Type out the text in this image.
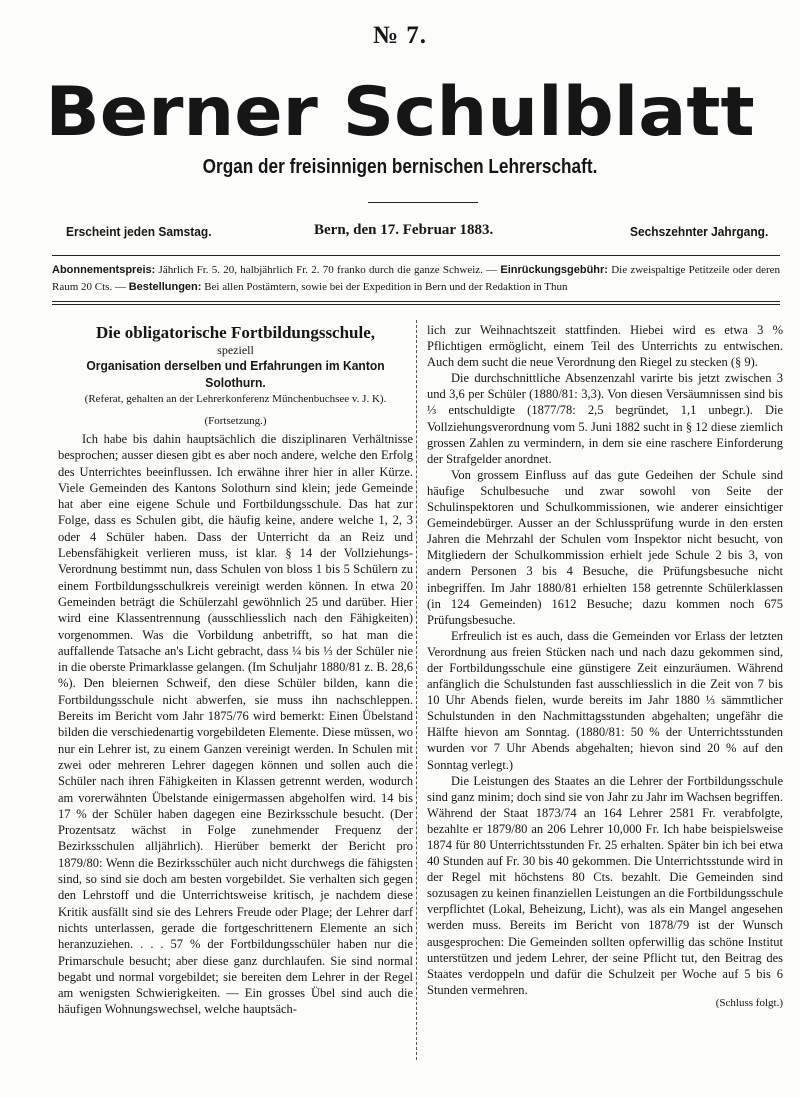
№ 7.
Berner Schulblatt
Organ der freisinnigen bernischen Lehrerschaft.
Erscheint jeden Samstag.	Bern, den 17. Februar 1883.	Sechszehnter Jahrgang.
Abonnementspreis: Jährlich Fr. 5. 20, halbjährlich Fr. 2. 70 franko durch die ganze Schweiz. — Einrückungsgebühr: Die zweispaltige Petitzeile oder deren Raum 20 Cts. — Bestellungen: Bei allen Postämtern, sowie bei der Expedition in Bern und der Redaktion in Thun
Die obligatorische Fortbildungsschule,
speziell
Organisation derselben und Erfahrungen im Kanton Solothurn.
(Referat, gehalten an der Lehrerkonferenz Münchenbuchsee v. J. K).
(Fortsetzung.)

Ich habe bis dahin hauptsächlich die disziplinaren Verhältnisse besprochen; ausser diesen gibt es aber noch andere, welche den Erfolg des Unterrichtes beeinflussen. Ich erwähne ihrer hier in aller Kürze. Viele Gemeinden des Kantons Solothurn sind klein; jede Gemeinde hat aber eine eigene Schule und Fortbildungsschule. Das hat zur Folge, dass es Schulen gibt, die häufig keine, andere welche 1, 2, 3 oder 4 Schüler haben. Dass der Unterricht da an Reiz und Lebensfähigkeit verlieren muss, ist klar. § 14 der Vollziehungs-Verordnung bestimmt nun, dass Schulen von bloss 1 bis 5 Schülern zu einem Fortbildungsschulkreis vereinigt werden können. In etwa 20 Gemeinden beträgt die Schülerzahl gewöhnlich 25 und darüber. Hier wird eine Klassentrennung (ausschliesslich nach den Fähigkeiten) vorgenommen. Was die Vorbildung anbetrifft, so hat man die auffallende Tatsache an's Licht gebracht, dass ¼ bis ⅓ der Schüler nie in die oberste Primarklasse gelangen. (Im Schuljahr 1880/81 z. B. 28,6 %). Den bleiernen Schweif, den diese Schüler bilden, kann die Fortbildungsschule nicht abwerfen, sie muss ihn nachschleppen. Bereits im Bericht vom Jahr 1875/76 wird bemerkt: Einen Übelstand bilden die verschiedenartig vorgebildeten Elemente. Diese müssen, wo nur ein Lehrer ist, zu einem Ganzen vereinigt werden. In Schulen mit zwei oder mehreren Lehrer dagegen können und sollen auch die Schüler nach ihren Fähigkeiten in Klassen getrennt werden, wodurch am vorerwähnten Übelstande einigermassen abgeholfen wird. 14 bis 17 % der Schüler haben dagegen eine Bezirksschule besucht. (Der Prozentsatz wächst in Folge zunehmender Frequenz der Bezirksschulen alljährlich). Hierüber bemerkt der Bericht pro 1879/80: Wenn die Bezirksschüler auch nicht durchwegs die fähigsten sind, so sind sie doch am besten vorgebildet. Sie verhalten sich gegen den Lehrstoff und die Unterrichtsweise kritisch, je nachdem diese Kritik ausfällt sind sie des Lehrers Freude oder Plage; der Lehrer darf nichts unterlassen, gerade die fortgeschrittenern Elemente an sich heranzuziehen. . . . 57 % der Fortbildungsschüler haben nur die Primarschule besucht; aber diese ganz durchlaufen. Sie sind normal begabt und normal vorgebildet; sie bereiten dem Lehrer in der Regel am wenigsten Schwierigkeiten. — Ein grosses Übel sind auch die häufigen Wohnungswechsel, welche hauptsäch-

lich zur Weihnachtszeit stattfinden. Hiebei wird es etwa 3 % Pflichtigen ermöglicht, einem Teil des Unterrichts zu entwischen. Auch dem sucht die neue Verordnung den Riegel zu stecken (§ 9).

Die durchschnittliche Absenzenzahl varirte bis jetzt zwischen 3 und 3,6 per Schüler (1880/81: 3,3). Von diesen Versäumnissen sind bis ⅓ entschuldigte (1877/78: 2,5 begründet, 1,1 unbegr.). Die Vollziehungsverordnung vom 5. Juni 1882 sucht in § 12 diese ziemlich grossen Zahlen zu vermindern, in dem sie eine raschere Einforderung der Strafgelder anordnet.

Von grossem Einfluss auf das gute Gedeihen der Schule sind häufige Schulbesuche und zwar sowohl von Seite der Schulinspektoren und Schulkommissionen, wie anderer einsichtiger Gemeindebürger. Ausser an der Schlussprüfung wurde in den ersten Jahren die Mehrzahl der Schulen vom Inspektor nicht besucht, von Mitgliedern der Schulkommission erhielt jede Schule 2 bis 3, von andern Personen 3 bis 4 Besuche, die Prüfungsbesuche nicht inbegriffen. Im Jahr 1880/81 erhielten 158 getrennte Schülerklassen (in 124 Gemeinden) 1612 Besuche; dazu kommen noch 675 Prüfungsbesuche.

Erfreulich ist es auch, dass die Gemeinden vor Erlass der letzten Verordnung aus freien Stücken nach und nach dazu gekommen sind, der Fortbildungsschule eine günstigere Zeit einzuräumen. Während anfänglich die Schulstunden fast ausschliesslich in die Zeit von 7 bis 10 Uhr Abends fielen, wurde bereits im Jahr 1880 ⅓ sämmtlicher Schulstunden in den Nachmittagsstunden abgehalten; ungefähr die Hälfte hievon am Sonntag. (1880/81: 50 % der Unterrichtsstunden wurden vor 7 Uhr Abends abgehalten; hievon sind 20 % auf den Sonntag verlegt.)

Die Leistungen des Staates an die Lehrer der Fortbildungsschule sind ganz minim; doch sind sie von Jahr zu Jahr im Wachsen begriffen. Während der Staat 1873/74 an 164 Lehrer 2581 Fr. verabfolgte, bezahlte er 1879/80 an 206 Lehrer 10,000 Fr. Ich habe beispielsweise 1874 für 80 Unterrichtsstunden Fr. 25 erhalten. Später bin ich bei etwa 40 Stunden auf Fr. 30 bis 40 gekommen. Die Unterrichtsstunde wird in der Regel mit höchstens 80 Cts. bezahlt. Die Gemeinden sind sozusagen zu keinen finanziellen Leistungen an die Fortbildungsschule verpflichtet (Lokal, Beheizung, Licht), was als ein Mangel angesehen werden muss. Bereits im Bericht von 1878/79 ist der Wunsch ausgesprochen: Die Gemeinden sollten opferwillig das schöne Institut unterstützen und jedem Lehrer, der seine Pflicht tut, den Beitrag des Staates verdoppeln und dafür die Schulzeit per Woche auf 5 bis 6 Stunden vermehren.

(Schluss folgt.)
